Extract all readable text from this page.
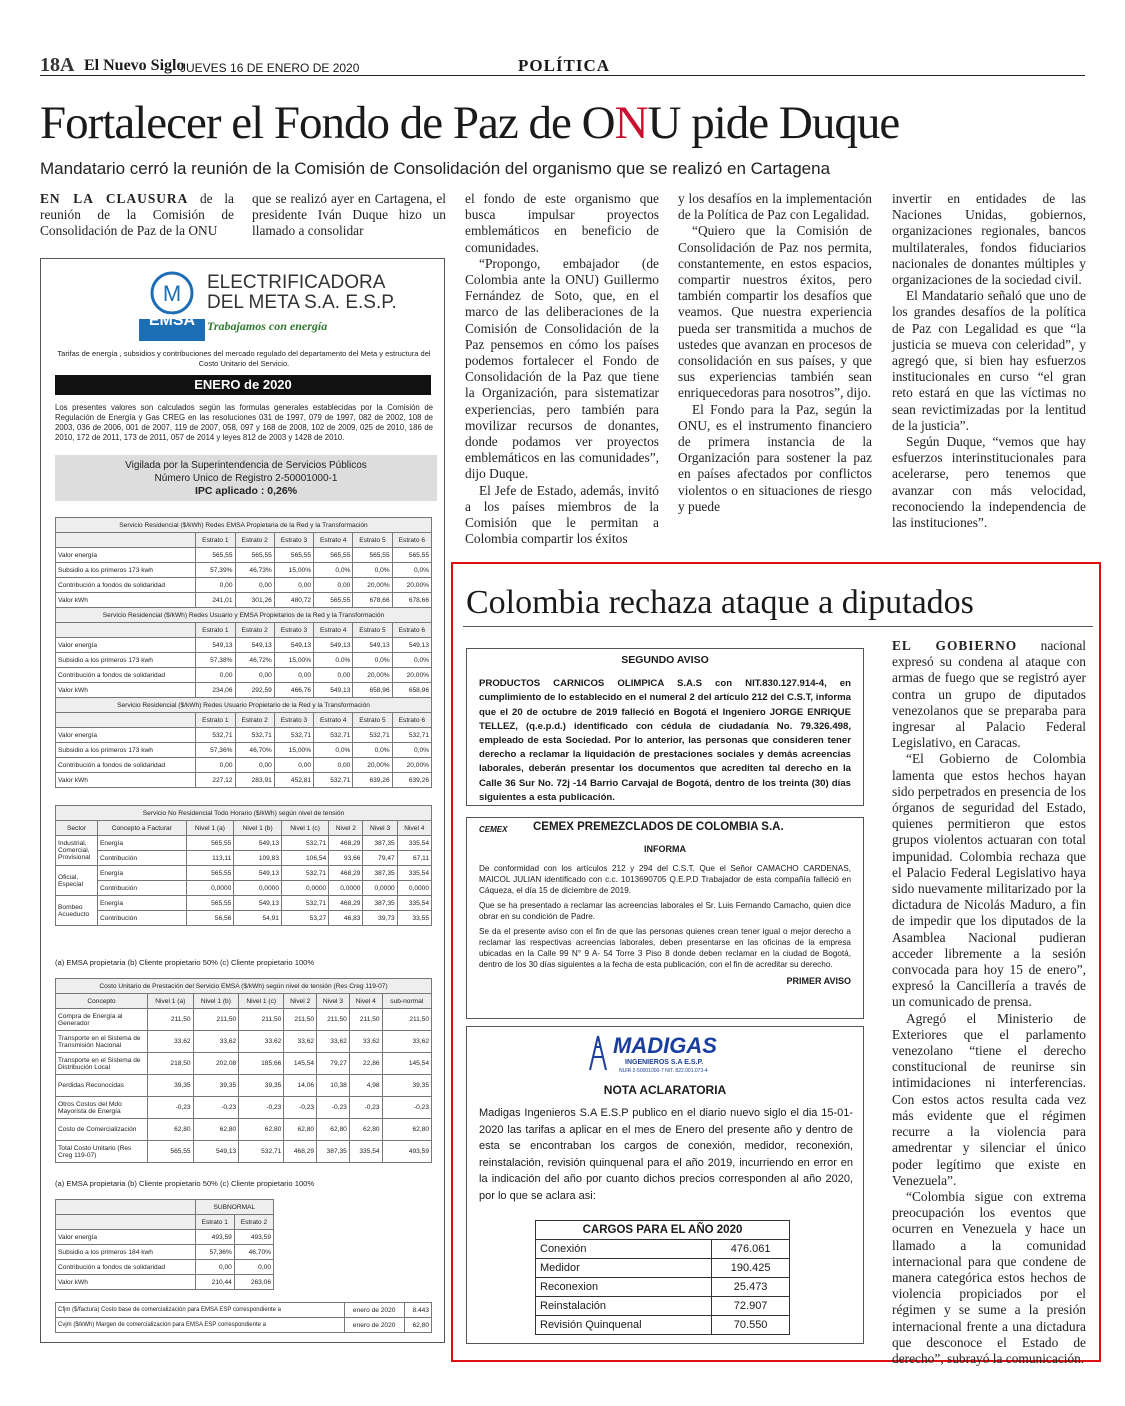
18A El Nuevo Siglo
JUEVES 16 DE ENERO DE 2020	POLÍTICA
Fortalecer el Fondo de Paz de ONU pide Duque
Mandatario cerró la reunión de la Comisión de Consolidación del organismo que se realizó en Cartagena

EN LA CLAUSURA de la reunión de la Comisión de Consolidación de Paz de la ONU

que se realizó ayer en Cartagena, el presidente Iván Duque hizo un llamado a consolidar

el fondo de este organismo que busca impulsar proyectos emblemáticos en beneficio de comunidades.

“Propongo, embajador (de Colombia ante la ONU) Guillermo Fernández de Soto, que, en el marco de las deliberaciones de la Comisión de Consolidación de la Paz pensemos en cómo los países podemos fortalecer el Fondo de Consolidación de la Paz que tiene la Organización, para sistematizar experiencias, pero también para movilizar recursos de donantes, donde podamos ver proyectos emblemáticos en las comunidades”, dijo Duque.

El Jefe de Estado, además, invitó a los países miembros de la Comisión que le permitan a Colombia compartir los éxitos

y los desafíos en la implementación de la Política de Paz con Legalidad.

“Quiero que la Comisión de Consolidación de Paz nos permita, constantemente, en estos espacios, compartir nuestros éxitos, pero también compartir los desafíos que veamos. Que nuestra experiencia pueda ser transmitida a muchos de ustedes que avanzan en procesos de consolidación en sus países, y que sus experiencias también sean enriquecedoras para nosotros”, dijo.

El Fondo para la Paz, según la ONU, es el instrumento financiero de primera instancia de la Organización para sostener la paz en países afectados por conflictos violentos o en situaciones de riesgo y puede

invertir en entidades de las Naciones Unidas, gobiernos, organizaciones regionales, bancos multilaterales, fondos fiduciarios nacionales de donantes múltiples y organizaciones de la sociedad civil.

El Mandatario señaló que uno de los grandes desafíos de la política de Paz con Legalidad es que “la justicia se mueva con celeridad”, y agregó que, si bien hay esfuerzos institucionales en curso “el gran reto estará en que las víctimas no sean revictimizadas por la lentitud de la justicia”.

Según Duque, “vemos que hay esfuerzos interinstitucionales para acelerarse, pero tenemos que avanzar con más velocidad, reconociendo la independencia de las instituciones”.

M
EMSA
ELECTRIFICADORA
DEL META S.A. E.S.P.
Trabajamos con energía
Tarifas de energía , subsidios y contribuciones del mercado regulado del departamento del Meta y estructura del Costo Unitario del Servicio.
ENERO de 2020
Los presentes valores son calculados según las formulas generales establecidas por la Comisión de Regulación de Energía y Gas CREG en las resoluciones 031 de 1997, 079 de 1997, 082 de 2002, 108 de 2003, 036 de 2006, 001 de 2007, 119 de 2007, 058, 097 y 168 de 2008, 102 de 2009, 025 de 2010, 186 de 2010, 172 de 2011, 173 de 2011, 057 de 2014 y leyes 812 de 2003 y 1428 de 2010.
Vigilada por la Superintendencia de Servicios Públicos
Número Unico de Registro 2-50001000-1
IPC aplicado : 0,26%
Servicio Residencial ($/kWh) Redes EMSA Propietaria de la Red y la Transformación						
	Estrato 1	Estrato 2	Estrato 3	Estrato 4	Estrato 5	Estrato 6
Valor energía	565,55	565,55	565,55	565,55	565,55	565,55
Subsidio a los primeros 173 kwh	57,39%	46,73%	15,00%	0,0%	0,0%	0,0%
Contribución a fondos de solidaridad	0,00	0,00	0,00	0,00	20,00%	20,00%
Valor kWh	241,01	301,26	480,72	565,55	678,66	678,66
Servicio Residencial ($/kWh) Redes Usuario y EMSA Propietarios de la Red y la Transformación						
	Estrato 1	Estrato 2	Estrato 3	Estrato 4	Estrato 5	Estrato 6
Valor energía	549,13	549,13	549,13	549,13	549,13	549,13
Subsidio a los primeros 173 kwh	57,38%	46,72%	15,00%	0,0%	0,0%	0,0%
Contribución a fondos de solidaridad	0,00	0,00	0,00	0,00	20,00%	20,00%
Valor kWh	234,06	292,59	466,76	549,13	658,96	658,96
Servicio Residencial ($/kWh) Redes Usuario Propietario de la Red y la Transformación						
	Estrato 1	Estrato 2	Estrato 3	Estrato 4	Estrato 5	Estrato 6
Valor energía	532,71	532,71	532,71	532,71	532,71	532,71
Subsidio a los primeros 173 kwh	57,36%	46,70%	15,00%	0,0%	0,0%	0,0%
Contribución a fondos de solidaridad	0,00	0,00	0,00	0,00	20,00%	20,00%
Valor kWh	227,12	283,91	452,81	532,71	639,26	639,26
Servicio No Residencial Todo Horario ($/kWh) según nivel de tensión							
Sector	Concepto a Facturar	Nivel 1 (a)	Nivel 1 (b)	Nivel 1 (c)	Nivel 2	Nivel 3	Nivel 4
Industrial, Comercial, Provisional	Energía	565,55	549,13	532,71	468,29	387,35	335,54
	Contribución	113,11	109,83	106,54	93,66	79,47	67,11
Oficial, Especial	Energía	565,55	549,13	532,71	468,29	387,35	335,54
	Contribución	0,0000	0,0000	0,0000	0,0000	0,0000	0,0000
Bombeo Acueducto	Energía	565,55	549,13	532,71	468,29	387,35	335,54
	Contribución	56,56	54,91	53,27	46,83	39,73	33,55
(a) EMSA propietaria (b) Cliente propietario 50% (c) Cliente propietario 100%
Costo Unitario de Prestación del Servicio EMSA ($/kWh) según nivel de tensión (Res Creg 119-07)							
Concepto	Nivel 1 (a)	Nivel 1 (b)	Nivel 1 (c)	Nivel 2	Nivel 3	Nivel 4	sub-normal
Compra de Energía al Generador	211,50	211,50	211,50	211,50	211,50	211,50	211,50
Transporte en el Sistema de Transmisión Nacional	33,62	33,62	33,62	33,62	33,62	33,62	33,62
Transporte en el Sistema de Distribución Local	218,50	202,08	185,66	145,54	79,27	22,86	145,54
Perdidas Reconocidas	39,35	39,35	39,35	14,06	10,38	4,98	39,35
Otros Costos del Mdo Mayorista de Energía	-0,23	-0,23	-0,23	-0,23	-0,23	-0,23	-0,23
Costo de Comercialización	62,80	62,80	62,80	62,80	62,80	62,80	62,80
Total Costo Unitario (Res Creg 119-07)	565,55	549,13	532,71	468,29	387,35	335,54	493,59
(a) EMSA propietaria (b) Cliente propietario 50% (c) Cliente propietario 100%
	SUBNORMAL	
	Estrato 1	Estrato 2
Valor energía	493,59	493,59
Subsidio a los primeros 184 kwh	57,36%	46,70%
Contribución a fondos de solidaridad	0,00	0,00
Valor kWh	210,44	263,06
Cfjm ($/factura) Costo base de comercialización para EMSA ESP correspondiente a	enero de 2020	8.443
Cvjm ($/kWh) Margen de comercialización para EMSA ESP correspondiente a	enero de 2020	62,80
Colombia rechaza ataque a diputados
SEGUNDO AVISO
PRODUCTOS CARNICOS OLIMPICA S.A.S con NIT.830.127.914-4, en cumplimiento de lo establecido en el numeral 2 del artículo 212 del C.S.T, informa que el 20 de octubre de 2019 falleció en Bogotá el Ingeniero JORGE ENRIQUE TELLEZ, (q.e.p.d.) identificado con cédula de ciudadanía No. 79.326.498, empleado de esta Sociedad. Por lo anterior, las personas que consideren tener derecho a reclamar la liquidación de prestaciones sociales y demás acreencias laborales, deberán presentar los documentos que acrediten tal derecho en la Calle 36 Sur No. 72j -14 Barrio Carvajal de Bogotá, dentro de los treinta (30) días siguientes a esta publicación.
CEMEX CEMEX PREMEZCLADOS DE COLOMBIA S.A.
INFORMA

De conformidad con los artículos 212 y 294 del C.S.T. Que el Señor CAMACHO CARDENAS, MAICOL JULIAN identificado con c.c. 1013690705 Q.E.P.D Trabajador de esta compañía falleció en Cáqueza, el día 15 de diciembre de 2019.

Que se ha presentado a reclamar las acreencias laborales el Sr. Luis Fernando Camacho, quien dice obrar en su condición de Padre.

Se da el presente aviso con el fin de que las personas quienes crean tener igual o mejor derecho a reclamar las respectivas acreencias laborales, deben presentarse en las oficinas de la empresa ubicadas en la Calle 99 N° 9 A- 54 Torre 3 Piso 8 donde deben reclamar en la ciudad de Bogotá, dentro de los 30 días siguientes a la fecha de esta publicación, con el fin de acreditar su derecho.

PRIMER AVISO
MADIGAS
INGENIEROS S.A E.S.P.
NUIR 2-50001000-7 NIT. 822.001.073-4
NOTA ACLARATORIA
Madigas Ingenieros S.A E.S.P publico en el diario nuevo siglo el dia 15-01-2020 las tarifas a aplicar en el mes de Enero del presente año y dentro de esta se encontraban los cargos de conexión, medidor, reconexión, reinstalación, revisión quinquenal para el año 2019, incurriendo en error en la indicación del año por cuanto dichos precios corresponden al año 2020, por lo que se aclara asi:
CARGOS PARA EL AÑO 2020	
Conexión	476.061
Medidor	190.425
Reconexion	25.473
Reinstalación	72.907
Revisión Quinquenal	70.550

EL GOBIERNO nacional expresó su condena al ataque con armas de fuego que se registró ayer contra un grupo de diputados venezolanos que se preparaba para ingresar al Palacio Federal Legislativo, en Caracas.

“El Gobierno de Colombia lamenta que estos hechos hayan sido perpetrados en presencia de los órganos de seguridad del Estado, quienes permitieron que estos grupos violentos actuaran con total impunidad. Colombia rechaza que el Palacio Federal Legislativo haya sido nuevamente militarizado por la dictadura de Nicolás Maduro, a fin de impedir que los diputados de la Asamblea Nacional pudieran acceder libremente a la sesión convocada para hoy 15 de enero”, expresó la Cancillería a través de un comunicado de prensa.

Agregó el Ministerio de Exteriores que el parlamento venezolano “tiene el derecho constitucional de reunirse sin intimidaciones ni interferencias. Con estos actos resulta cada vez más evidente que el régimen recurre a la violencia para amedrentar y silenciar el único poder legítimo que existe en Venezuela”.

“Colombia sigue con extrema preocupación los eventos que ocurren en Venezuela y hace un llamado a la comunidad internacional para que condene de manera categórica estos hechos de violencia propiciados por el régimen y se sume a la presión internacional frente a una dictadura que desconoce el Estado de derecho”, subrayó la comunicación.
